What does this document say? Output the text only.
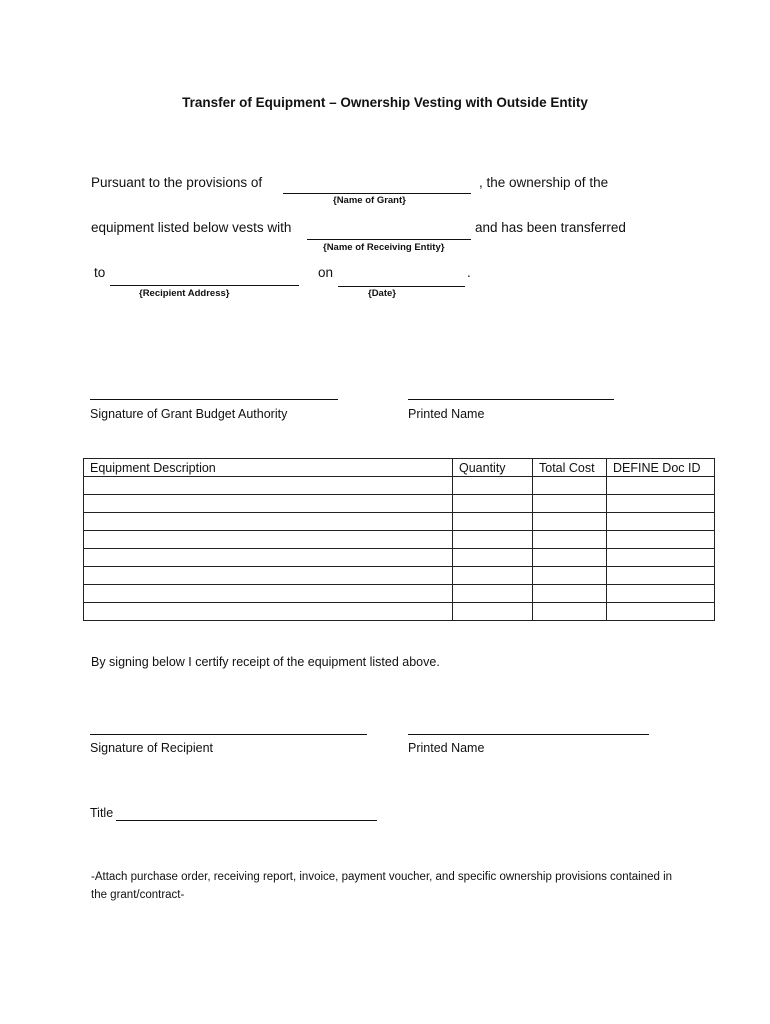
Transfer of Equipment – Ownership Vesting with Outside Entity
Pursuant to the provisions of	, the ownership of the
{Name of Grant}
equipment listed below vests with	and has been transferred
{Name of Receiving Entity}
to	on	.
{Recipient Address}	{Date}
Signature of Grant Budget Authority	Printed Name
Equipment Description	Quantity	Total Cost	DEFINE Doc ID

By signing below I certify receipt of the equipment listed above.
Signature of Recipient	Printed Name
Title
-Attach purchase order, receiving report, invoice, payment voucher, and specific ownership provisions contained in
the grant/contract-
